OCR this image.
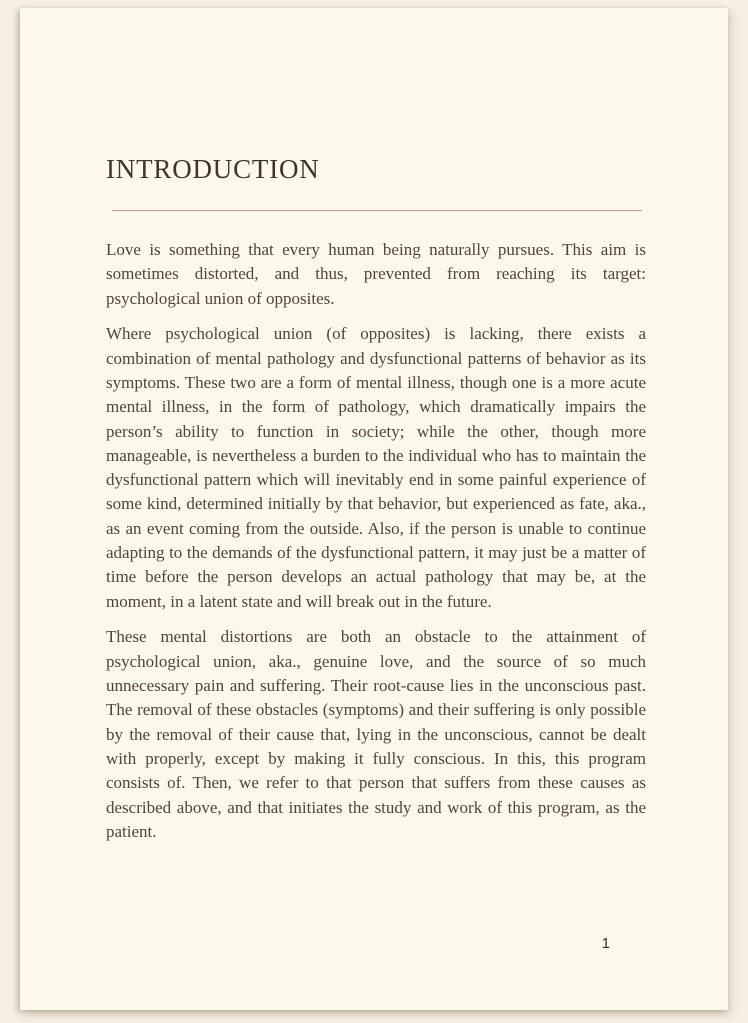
INTRODUCTION

Love is something that every human being naturally pursues. This aim is sometimes distorted, and thus, prevented from reaching its target: psychological union of opposites.

Where psychological union (of opposites) is lacking, there exists a combination of mental pathology and dysfunctional patterns of behavior as its symptoms. These two are a form of mental illness, though one is a more acute mental illness, in the form of pathology, which dramatically impairs the person’s ability to function in society; while the other, though more manageable, is nevertheless a burden to the individual who has to maintain the dysfunctional pattern which will inevitably end in some painful experience of some kind, determined initially by that behavior, but experienced as fate, aka., as an event coming from the outside. Also, if the person is unable to continue adapting to the demands of the dysfunctional pattern, it may just be a matter of time before the person develops an actual pathology that may be, at the moment, in a latent state and will break out in the future.

These mental distortions are both an obstacle to the attainment of psychological union, aka., genuine love, and the source of so much unnecessary pain and suffering. Their root-cause lies in the unconscious past. The removal of these obstacles (symptoms) and their suffering is only possible by the removal of their cause that, lying in the unconscious, cannot be dealt with properly, except by making it fully conscious. In this, this program consists of. Then, we refer to that person that suffers from these causes as described above, and that initiates the study and work of this program, as the patient.

1
